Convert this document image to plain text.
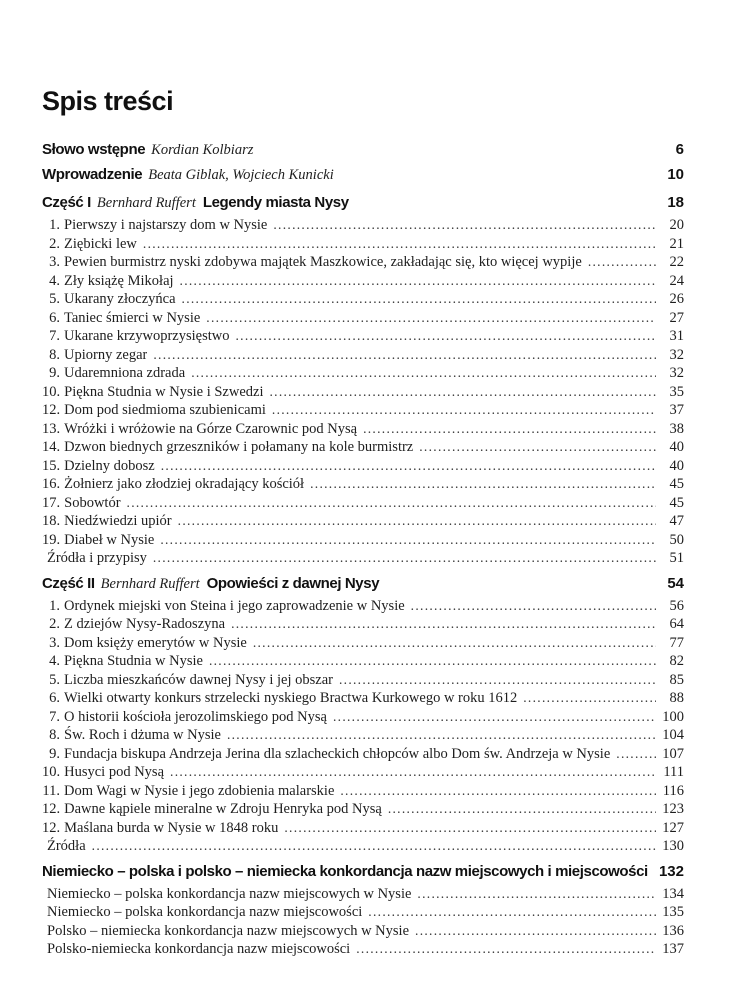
Spis treści
Słowo wstępne Kordian Kolbiarz	6
Wprowadzenie Beata Giblak, Wojciech Kunicki	10
Część I Bernhard Ruffert Legendy miasta Nysy	18
1. Pierwszy i najstarszy dom w Nysie .....	20
2. Ziębicki lew .....	21
3. Pewien burmistrz nyski zdobywa majątek Maszkowice, zakładając się, kto więcej wypije .....	22
4. Zły książę Mikołaj .....	24
5. Ukarany złoczyńca .....	26
6. Taniec śmierci w Nysie .....	27
7. Ukarane krzywoprzysięstwo .....	31
8. Upiorny zegar .....	32
9. Udaremniona zdrada .....	32
10. Piękna Studnia w Nysie i Szwedzi .....	35
12. Dom pod siedmioma szubienicami .....	37
13. Wróżki i wróżowie na Górze Czarownic pod Nysą .....	38
14. Dzwon biednych grzeszników i połamany na kole burmistrz .....	40
15. Dzielny dobosz .....	40
16. Żołnierz jako złodziej okradający kościół .....	45
17. Sobowtór .....	45
18. Niedźwiedzi upiór .....	47
19. Diabeł w Nysie .....	50
Źródła i przypisy .....	51
Część II Bernhard Ruffert Opowieści z dawnej Nysy	54
1. Ordynek miejski von Steina i jego zaprowadzenie w Nysie .....	56
2. Z dziejów Nysy-Radoszyna .....	64
3. Dom księży emerytów w Nysie .....	77
4. Piękna Studnia w Nysie .....	82
5. Liczba mieszkańców dawnej Nysy i jej obszar .....	85
6. Wielki otwarty konkurs strzelecki nyskiego Bractwa Kurkowego w roku 1612 .....	88
7. O historii kościoła jerozolimskiego pod Nysą .....	100
8. Św. Roch i dżuma w Nysie .....	104
9. Fundacja biskupa Andrzeja Jerina dla szlacheckich chłopców albo Dom św. Andrzeja w Nysie .....	107
10. Husyci pod Nysą .....	111
11. Dom Wagi w Nysie i jego zdobienia malarskie .....	116
12. Dawne kąpiele mineralne w Zdroju Henryka pod Nysą .....	123
12. Maślana burda w Nysie w 1848 roku .....	127
Źródła .....	130
Niemiecko – polska i polsko – niemiecka konkordancja nazw miejscowych i miejscowości 132
Niemiecko – polska konkordancja nazw miejscowych w Nysie .....	134
Niemiecko – polska konkordancja nazw miejscowości .....	135
Polsko – niemiecka konkordancja nazw miejscowych w Nysie .....	136
Polsko-niemiecka konkordancja nazw miejscowości .....	137
